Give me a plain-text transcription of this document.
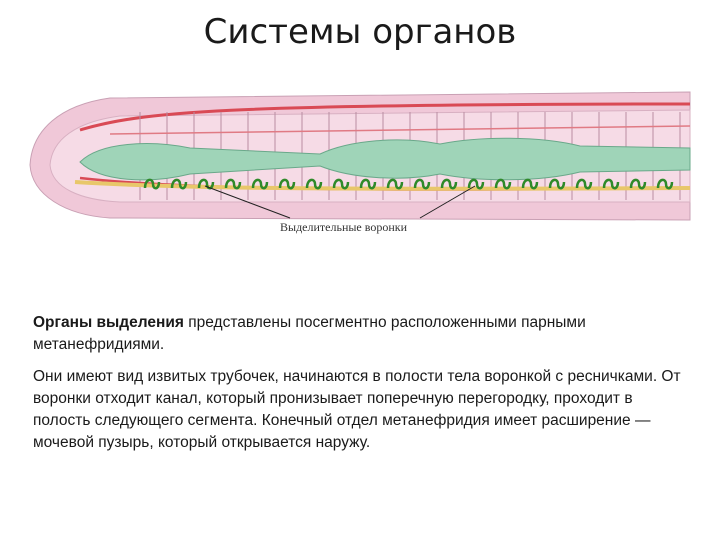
Системы органов
Выделительные воронки

Органы выделения представлены посегментно расположенными парными метанефридиями.

Они имеют вид извитых трубочек, начинаются в полости тела воронкой с ресничками. От воронки отходит канал, который пронизывает поперечную перегородку, проходит в полость следующего сегмента. Конечный отдел метанефридия имеет расширение — мочевой пузырь, который открывается наружу.
